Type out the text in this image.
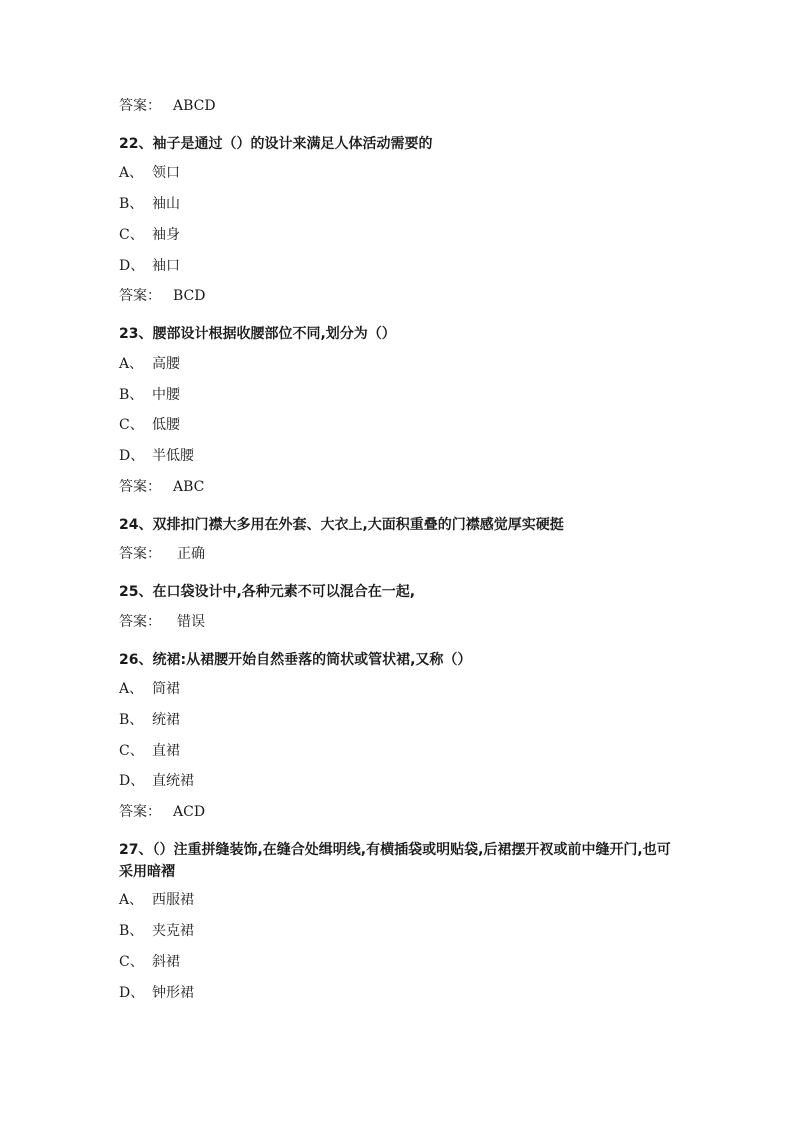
答案： ABCD
22、袖子是通过（）的设计来满足人体活动需要的
A、 领口
B、 袖山
C、 袖身
D、 袖口
答案： BCD
23、腰部设计根据收腰部位不同,划分为（）
A、 高腰
B、 中腰
C、 低腰
D、 半低腰
答案： ABC
24、双排扣门襟大多用在外套、大衣上,大面积重叠的门襟感觉厚实硬挺
答案： 正确
25、在口袋设计中,各种元素不可以混合在一起,
答案： 错误
26、统裙:从裙腰开始自然垂落的筒状或管状裙,又称（）
A、 筒裙
B、 统裙
C、 直裙
D、 直统裙
答案： ACD
27、（）注重拼缝装饰,在缝合处缉明线,有横插袋或明贴袋,后裙摆开衩或前中缝开门,也可采用暗褶
A、 西服裙
B、 夹克裙
C、 斜裙
D、 钟形裙
